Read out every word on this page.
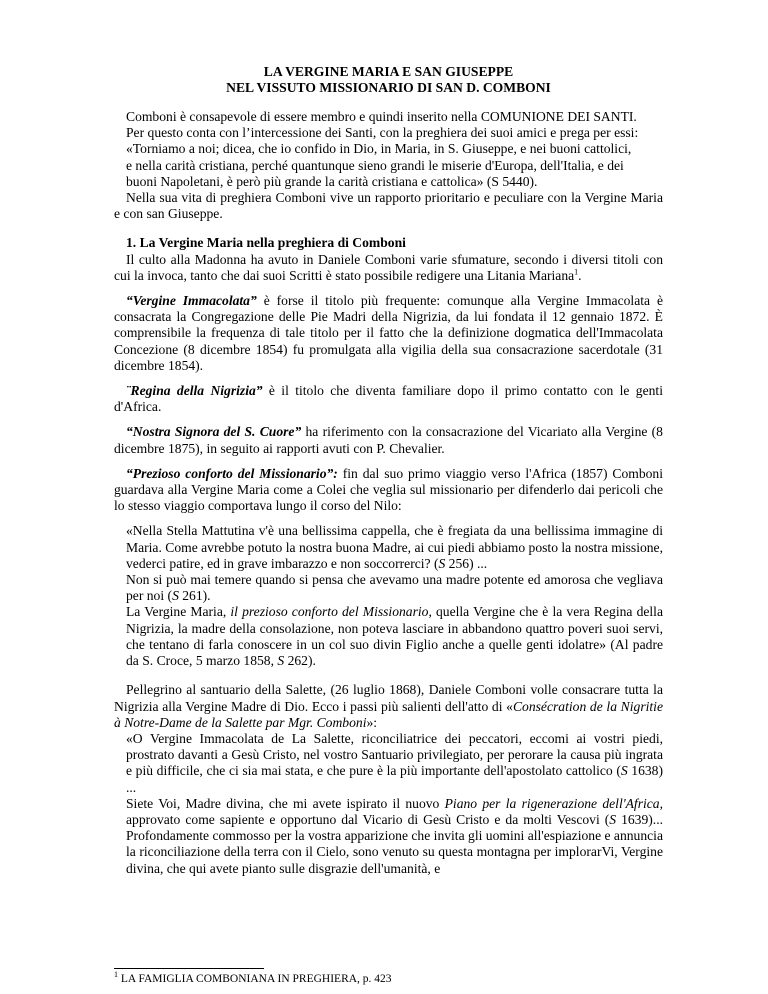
LA VERGINE MARIA E SAN GIUSEPPE

NEL VISSUTO MISSIONARIO DI SAN D. COMBONI

Comboni è consapevole di essere membro e quindi inserito nella COMUNIONE DEI SANTI.

Per questo conta con l’intercessione dei Santi, con la preghiera dei suoi amici e prega per essi:

«Torniamo a noi; dicea, che io confido in Dio, in Maria, in S. Giuseppe, e nei buoni cattolici,

e nella carità cristiana, perché quantunque sieno grandi le miserie d'Europa, dell'Italia, e dei

buoni Napoletani, è però più grande la carità cristiana e cattolica» (S 5440).

Nella sua vita di preghiera Comboni vive un rapporto prioritario e peculiare con la Vergine Maria e con san Giuseppe.

1. La Vergine Maria nella preghiera di Comboni

Il culto alla Madonna ha avuto in Daniele Comboni varie sfumature, secondo i diversi titoli con cui la invoca, tanto che dai suoi Scritti è stato possibile redigere una Litania Mariana$^1$.

“Vergine Immacolata” è forse il titolo più frequente: comunque alla Vergine Immacolata è consacrata la Congregazione delle Pie Madri della Nigrizia, da lui fondata il 12 gennaio 1872. È comprensibile la frequenza di tale titolo per il fatto che la definizione dogmatica dell'Immacolata Concezione (8 dicembre 1854) fu promulgata alla vigilia della sua consacrazione sacerdotale (31 dicembre 1854).

¨Regina della Nigrizia” è il titolo che diventa familiare dopo il primo contatto con le genti d'Africa.

“Nostra Signora del S. Cuore” ha riferimento con la consacrazione del Vicariato alla Vergine (8 dicembre 1875), in seguito ai rapporti avuti con P. Chevalier.

“Prezioso conforto del Missionario”: fin dal suo primo viaggio verso l'Africa (1857) Comboni guardava alla Vergine Maria come a Colei che veglia sul missionario per difenderlo dai pericoli che lo stesso viaggio comportava lungo il corso del Nilo:

«Nella Stella Mattutina v'è una bellissima cappella, che è fregiata da una bellissima immagine di Maria. Come avrebbe potuto la nostra buona Madre, ai cui piedi abbiamo posto la nostra missione, vederci patire, ed in grave imbarazzo e non soccorrerci? (S 256) ...

Non si può mai temere quando si pensa che avevamo una madre potente ed amorosa che vegliava per noi (S 261).

La Vergine Maria, il prezioso conforto del Missionario, quella Vergine che è la vera Regina della Nigrizia, la madre della consolazione, non poteva lasciare in abbandono quattro poveri suoi servi, che tentano di farla conoscere in un col suo divin Figlio anche a quelle genti idolatre» (Al padre da S. Croce, 5 marzo 1858, S 262).

Pellegrino al santuario della Salette, (26 luglio 1868), Daniele Comboni volle consacrare tutta la Nigrizia alla Vergine Madre di Dio. Ecco i passi più salienti dell'atto di «Consécration de la Nigritie à Notre-Dame de la Salette par Mgr. Comboni»:

«O Vergine Immacolata de La Salette, riconciliatrice dei peccatori, eccomi ai vostri piedi, prostrato davanti a Gesù Cristo, nel vostro Santuario privilegiato, per perorare la causa più ingrata e più difficile, che ci sia mai stata, e che pure è la più importante dell'apostolato cattolico (S 1638) ...

Siete Voi, Madre divina, che mi avete ispirato il nuovo Piano per la rigenerazione dell'Africa, approvato come sapiente e opportuno dal Vicario di Gesù Cristo e da molti Vescovi (S 1639)... Profondamente commosso per la vostra apparizione che invita gli uomini all'espiazione e annuncia la riconciliazione della terra con il Cielo, sono venuto su questa montagna per implorarVi, Vergine divina, che qui avete pianto sulle disgrazie dell'umanità, e

$^1$ LA FAMIGLIA COMBONIANA IN PREGHIERA, p. 423
